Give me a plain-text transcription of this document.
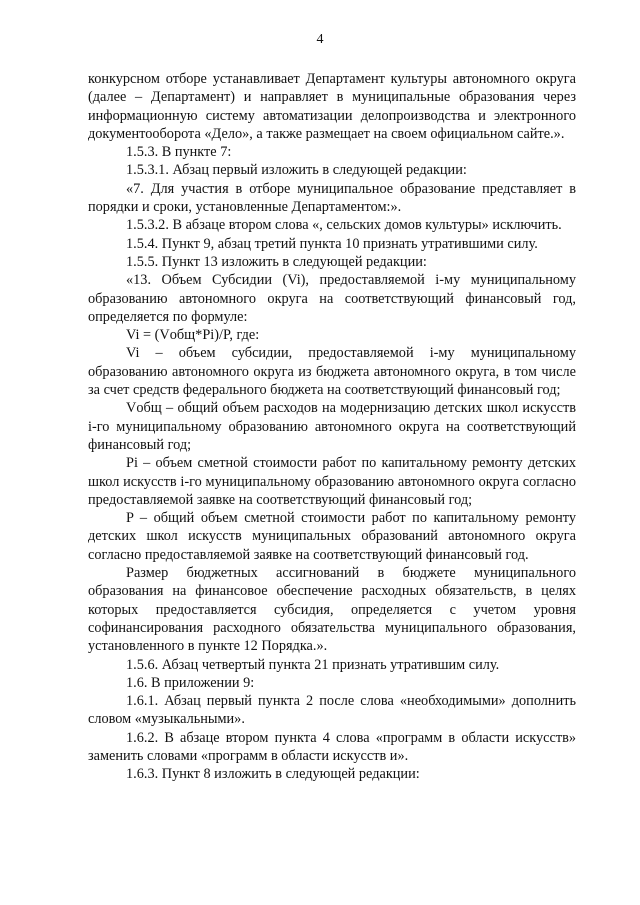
4

конкурсном отборе устанавливает Департамент культуры автономного округа (далее – Департамент) и направляет в муниципальные образования через информационную систему автоматизации делопроизводства и электронного документооборота «Дело», а также размещает на своем официальном сайте.».

1.5.3. В пункте 7:

1.5.3.1. Абзац первый изложить в следующей редакции:

«7. Для участия в отборе муниципальное образование представляет в порядки и сроки, установленные Департаментом:».

1.5.3.2. В абзаце втором слова «, сельских домов культуры» исключить.

1.5.4. Пункт 9, абзац третий пункта 10 признать утратившими силу.

1.5.5. Пункт 13 изложить в следующей редакции:

«13. Объем Субсидии (Vi), предоставляемой i-му муниципальному образованию автономного округа на соответствующий финансовый год, определяется по формуле:

Vi = (Vобщ*Pi)/P, где:

Vi – объем субсидии, предоставляемой i-му муниципальному образованию автономного округа из бюджета автономного округа, в том числе за счет средств федерального бюджета на соответствующий финансовый год;

Vобщ – общий объем расходов на модернизацию детских школ искусств i-го муниципальному образованию автономного округа на соответствующий финансовый год;

Pi – объем сметной стоимости работ по капитальному ремонту детских школ искусств i-го муниципальному образованию автономного округа согласно предоставляемой заявке на соответствующий финансовый год;

P – общий объем сметной стоимости работ по капитальному ремонту детских школ искусств муниципальных образований автономного округа согласно предоставляемой заявке на соответствующий финансовый год.

Размер бюджетных ассигнований в бюджете муниципального образования на финансовое обеспечение расходных обязательств, в целях которых предоставляется субсидия, определяется с учетом уровня софинансирования расходного обязательства муниципального образования, установленного в пункте 12 Порядка.».

1.5.6. Абзац четвертый пункта 21 признать утратившим силу.

1.6. В приложении 9:

1.6.1. Абзац первый пункта 2 после слова «необходимыми» дополнить словом «музыкальными».

1.6.2. В абзаце втором пункта 4 слова «программ в области искусств» заменить словами «программ в области искусств и».

1.6.3. Пункт 8 изложить в следующей редакции:
